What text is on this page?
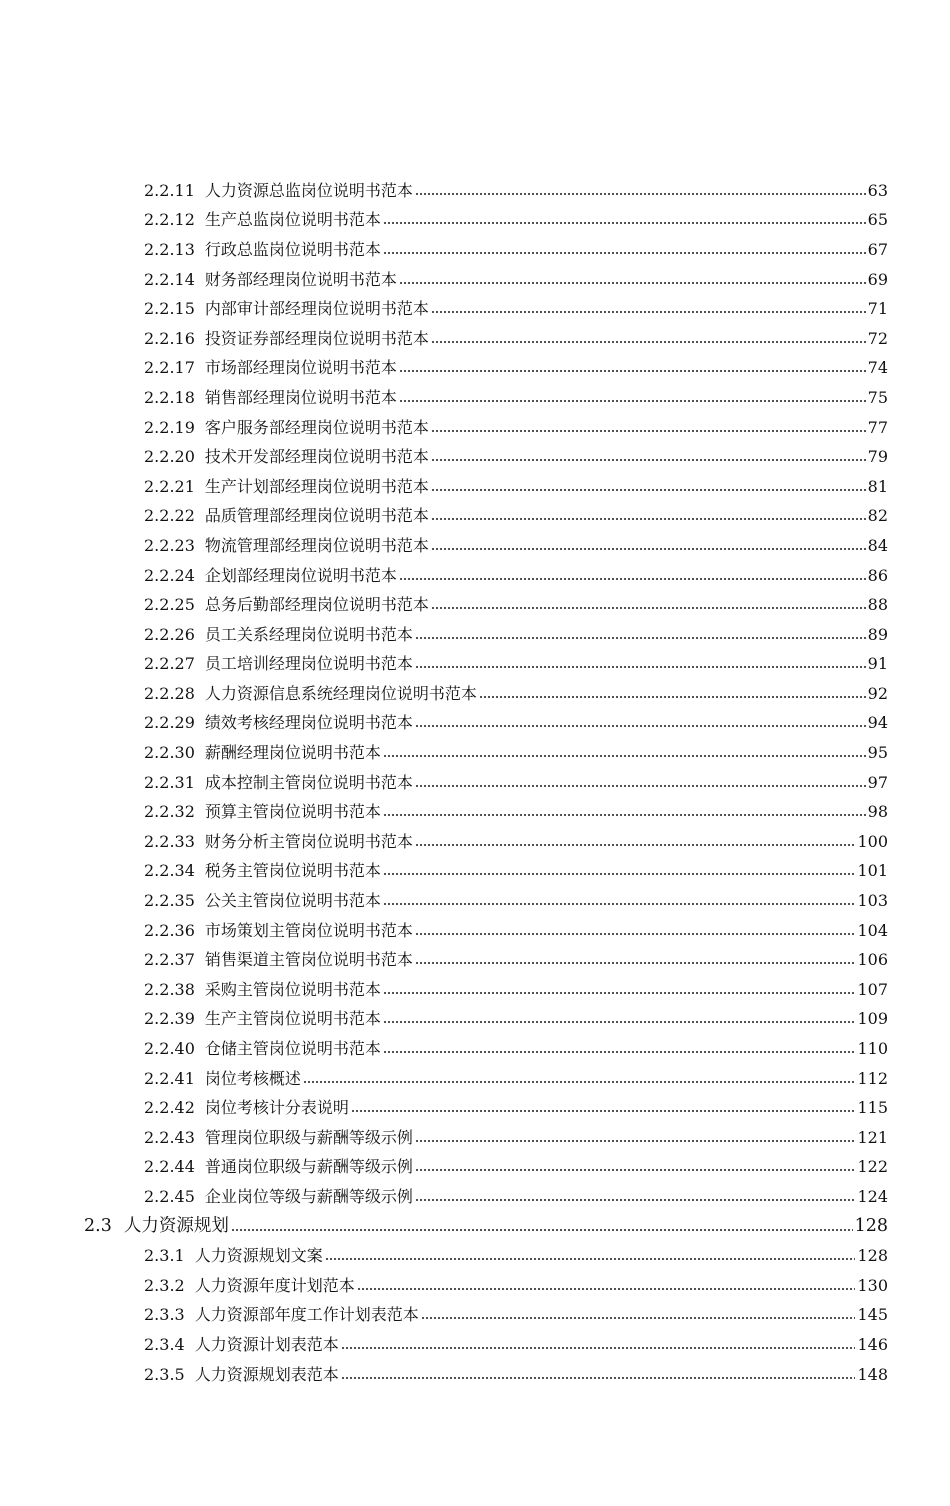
2.2.11 人力资源总监岗位说明书范本	63
2.2.12 生产总监岗位说明书范本	65
2.2.13 行政总监岗位说明书范本	67
2.2.14 财务部经理岗位说明书范本	69
2.2.15 内部审计部经理岗位说明书范本	71
2.2.16 投资证券部经理岗位说明书范本	72
2.2.17 市场部经理岗位说明书范本	74
2.2.18 销售部经理岗位说明书范本	75
2.2.19 客户服务部经理岗位说明书范本	77
2.2.20 技术开发部经理岗位说明书范本	79
2.2.21 生产计划部经理岗位说明书范本	81
2.2.22 品质管理部经理岗位说明书范本	82
2.2.23 物流管理部经理岗位说明书范本	84
2.2.24 企划部经理岗位说明书范本	86
2.2.25 总务后勤部经理岗位说明书范本	88
2.2.26 员工关系经理岗位说明书范本	89
2.2.27 员工培训经理岗位说明书范本	91
2.2.28 人力资源信息系统经理岗位说明书范本	92
2.2.29 绩效考核经理岗位说明书范本	94
2.2.30 薪酬经理岗位说明书范本	95
2.2.31 成本控制主管岗位说明书范本	97
2.2.32 预算主管岗位说明书范本	98
2.2.33 财务分析主管岗位说明书范本	100
2.2.34 税务主管岗位说明书范本	101
2.2.35 公关主管岗位说明书范本	103
2.2.36 市场策划主管岗位说明书范本	104
2.2.37 销售渠道主管岗位说明书范本	106
2.2.38 采购主管岗位说明书范本	107
2.2.39 生产主管岗位说明书范本	109
2.2.40 仓储主管岗位说明书范本	110
2.2.41 岗位考核概述	112
2.2.42 岗位考核计分表说明	115
2.2.43 管理岗位职级与薪酬等级示例	121
2.2.44 普通岗位职级与薪酬等级示例	122
2.2.45 企业岗位等级与薪酬等级示例	124
2.3 人力资源规划	128
2.3.1 人力资源规划文案	128
2.3.2 人力资源年度计划范本	130
2.3.3 人力资源部年度工作计划表范本	145
2.3.4 人力资源计划表范本	146
2.3.5 人力资源规划表范本	148
